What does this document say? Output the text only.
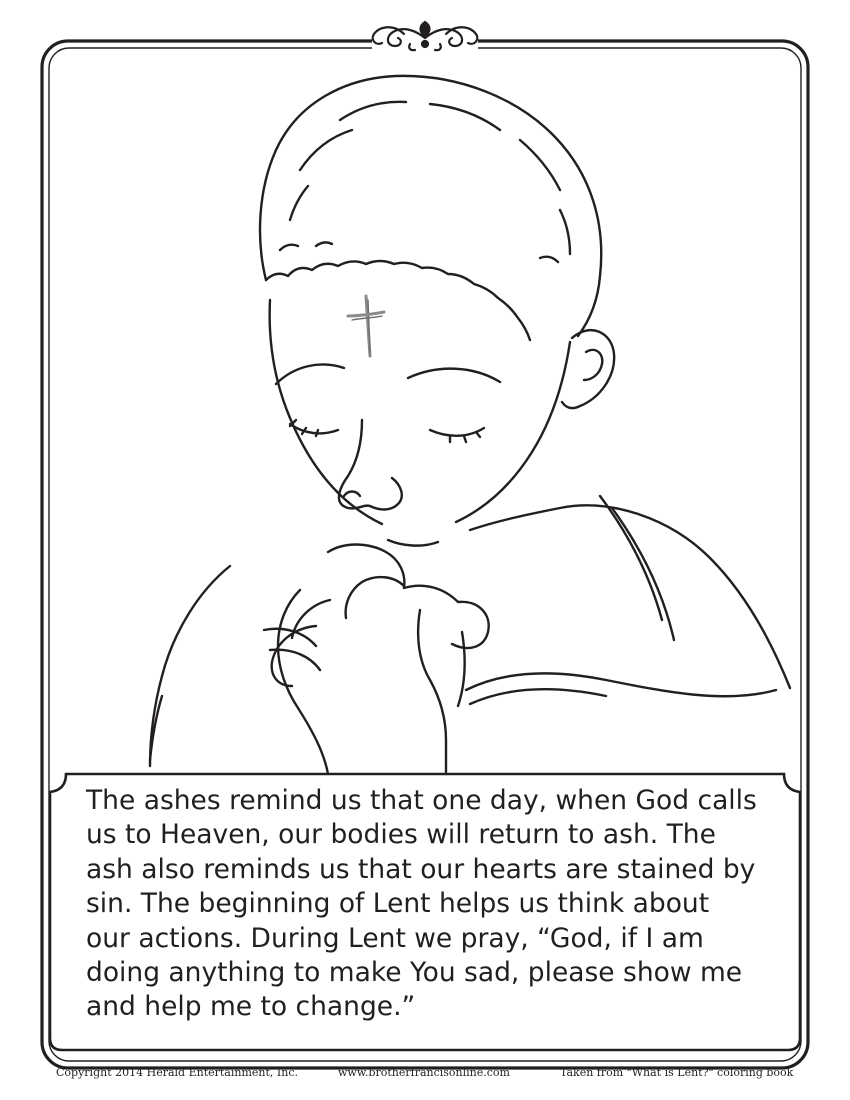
The ashes remind us that one day, when God calls
us to Heaven, our bodies will return to ash. The
ash also reminds us that our hearts are stained by
sin. The beginning of Lent helps us think about
our actions. During Lent we pray, “God, if I am
doing anything to make You sad, please show me
and help me to change.”
Copyright 2014 Herald Entertainment, Inc.	www.brotherfrancisonline.com	Taken from "What is Lent?" coloring book
